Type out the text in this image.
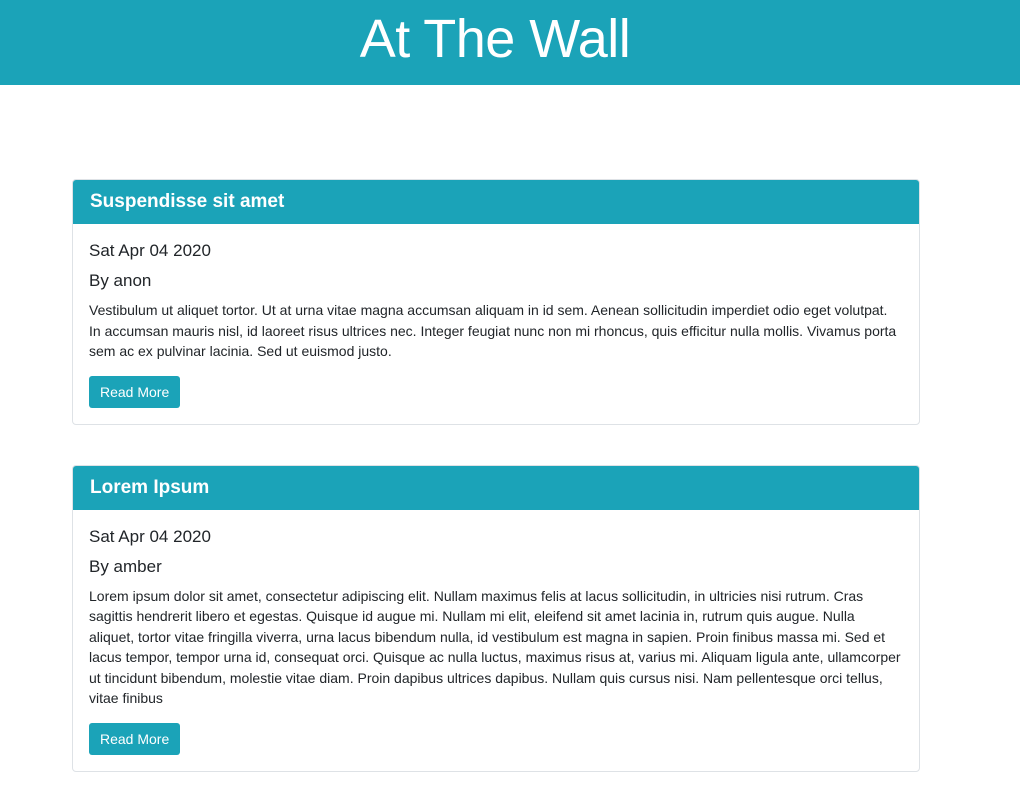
At The Wall
Suspendisse sit amet
Sat Apr 04 2020
By anon

Vestibulum ut aliquet tortor. Ut at urna vitae magna accumsan aliquam in id sem. Aenean sollicitudin imperdiet odio eget volutpat. In accumsan mauris nisl, id laoreet risus ultrices nec. Integer feugiat nunc non mi rhoncus, quis efficitur nulla mollis. Vivamus porta sem ac ex pulvinar lacinia. Sed ut euismod justo.

Read More
Lorem Ipsum
Sat Apr 04 2020
By amber

Lorem ipsum dolor sit amet, consectetur adipiscing elit. Nullam maximus felis at lacus sollicitudin, in ultricies nisi rutrum. Cras sagittis hendrerit libero et egestas. Quisque id augue mi. Nullam mi elit, eleifend sit amet lacinia in, rutrum quis augue. Nulla aliquet, tortor vitae fringilla viverra, urna lacus bibendum nulla, id vestibulum est magna in sapien. Proin finibus massa mi. Sed et lacus tempor, tempor urna id, consequat orci. Quisque ac nulla luctus, maximus risus at, varius mi. Aliquam ligula ante, ullamcorper ut tincidunt bibendum, molestie vitae diam. Proin dapibus ultrices dapibus. Nullam quis cursus nisi. Nam pellentesque orci tellus, vitae finibus

Read More
